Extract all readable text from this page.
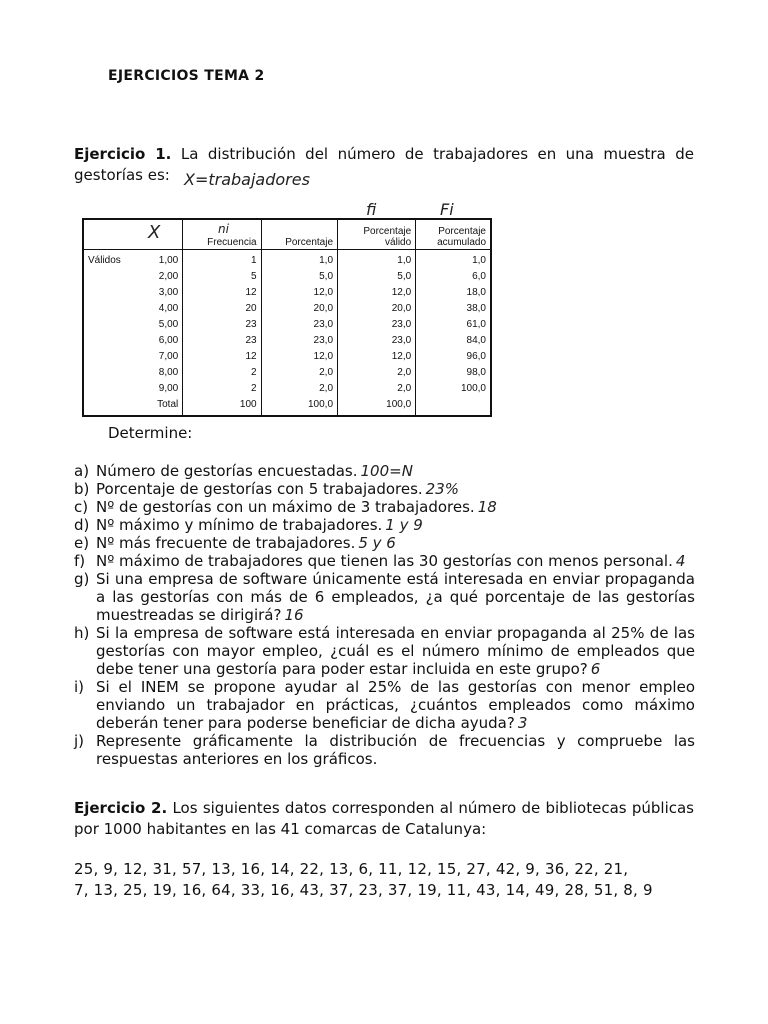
EJERCICIOS TEMA 2
Ejercicio 1. La distribución del número de trabajadores en una muestra de gestorías es: X=trabajadores
fi	Fi
X	ni
		Frecuencia	Porcentaje	Porcentaje válido	Porcentaje acumulado
Válidos	1,00	1	1,0	1,0	1,0
	2,00	5	5,0	5,0	6,0
	3,00	12	12,0	12,0	18,0
	4,00	20	20,0	20,0	38,0
	5,00	23	23,0	23,0	61,0
	6,00	23	23,0	23,0	84,0
	7,00	12	12,0	12,0	96,0
	8,00	2	2,0	2,0	98,0
	9,00	2	2,0	2,0	100,0
	Total	100	100,0	100,0	
Determine:
a) Número de gestorías encuestadas. 100=N
b) Porcentaje de gestorías con 5 trabajadores. 23%
c) Nº de gestorías con un máximo de 3 trabajadores. 18
d) Nº máximo y mínimo de trabajadores. 1 y 9
e) Nº más frecuente de trabajadores. 5 y 6
f) Nº máximo de trabajadores que tienen las 30 gestorías con menos personal. 4
g) Si una empresa de software únicamente está interesada en enviar propaganda a las gestorías con más de 6 empleados, ¿a qué porcentaje de las gestorías muestreadas se dirigirá? 16
h) Si la empresa de software está interesada en enviar propaganda al 25% de las gestorías con mayor empleo, ¿cuál es el número mínimo de empleados que debe tener una gestoría para poder estar incluida en este grupo? 6
i) Si el INEM se propone ayudar al 25% de las gestorías con menor empleo enviando un trabajador en prácticas, ¿cuántos empleados como máximo deberán tener para poderse beneficiar de dicha ayuda? 3
j) Represente gráficamente la distribución de frecuencias y compruebe las respuestas anteriores en los gráficos.
Ejercicio 2. Los siguientes datos corresponden al número de bibliotecas públicas por 1000 habitantes en las 41 comarcas de Catalunya:
25, 9, 12, 31, 57, 13, 16, 14, 22, 13, 6, 11, 12, 15, 27, 42, 9, 36, 22, 21,
7, 13, 25, 19, 16, 64, 33, 16, 43, 37, 23, 37, 19, 11, 43, 14, 49, 28, 51, 8, 9
